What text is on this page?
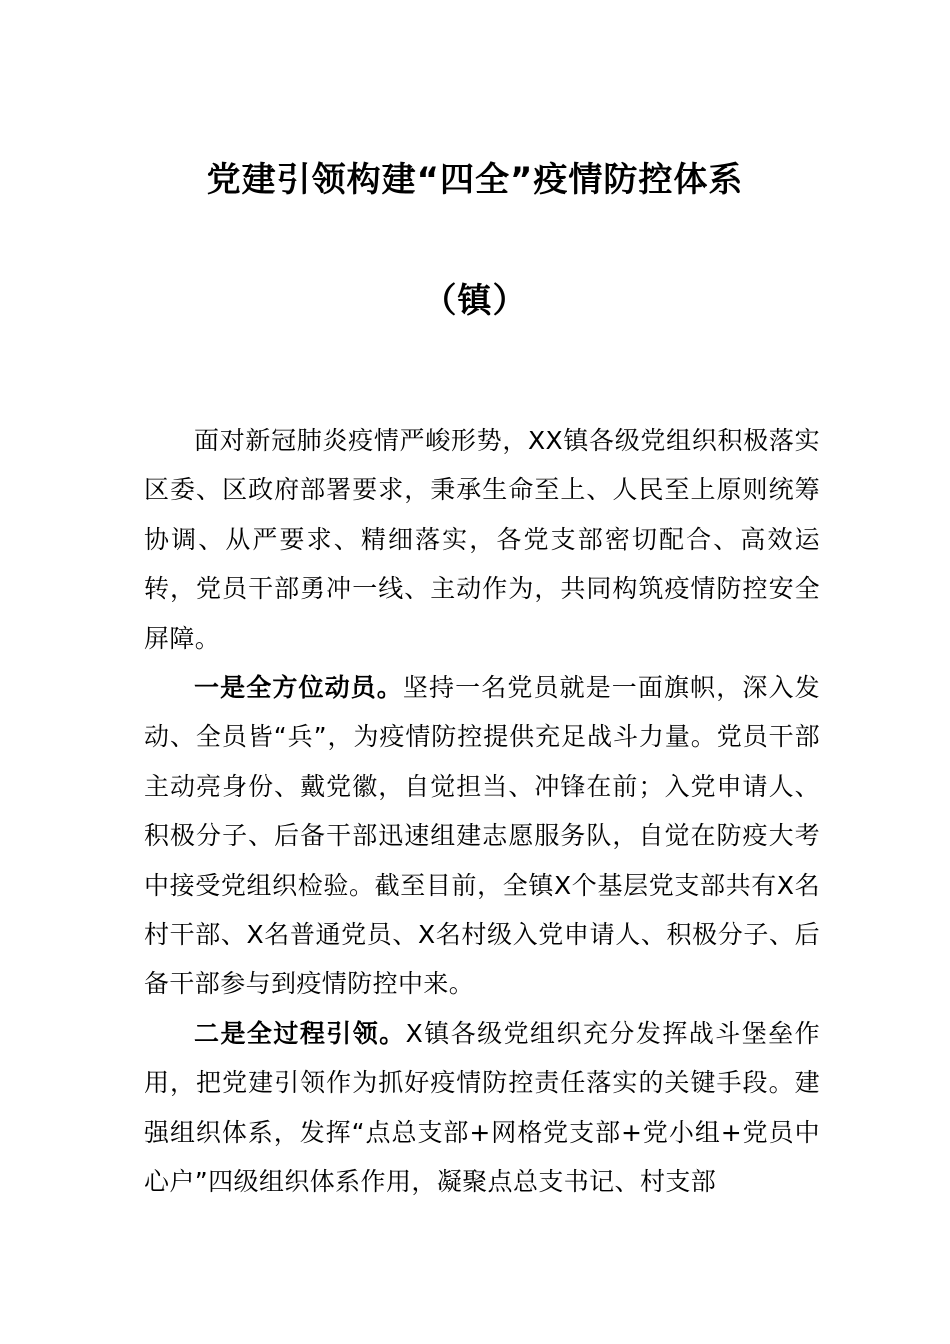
党建引领构建“四全”疫情防控体系
（镇）

面对新冠肺炎疫情严峻形势，XX镇各级党组织积极落实区委、区政府部署要求，秉承生命至上、人民至上原则统筹协调、从严要求、精细落实，各党支部密切配合、高效运转，党员干部勇冲一线、主动作为，共同构筑疫情防控安全屏障。

一是全方位动员。坚持一名党员就是一面旗帜，深入发动、全员皆“兵”，为疫情防控提供充足战斗力量。党员干部主动亮身份、戴党徽，自觉担当、冲锋在前；入党申请人、积极分子、后备干部迅速组建志愿服务队，自觉在防疫大考中接受党组织检验。截至目前，全镇X个基层党支部共有X名村干部、X名普通党员、X名村级入党申请人、积极分子、后备干部参与到疫情防控中来。

二是全过程引领。X镇各级党组织充分发挥战斗堡垒作用，把党建引领作为抓好疫情防控责任落实的关键手段。建强组织体系，发挥“点总支部+网格党支部+党小组+党员中心户”四级组织体系作用，凝聚点总支书记、村支部
